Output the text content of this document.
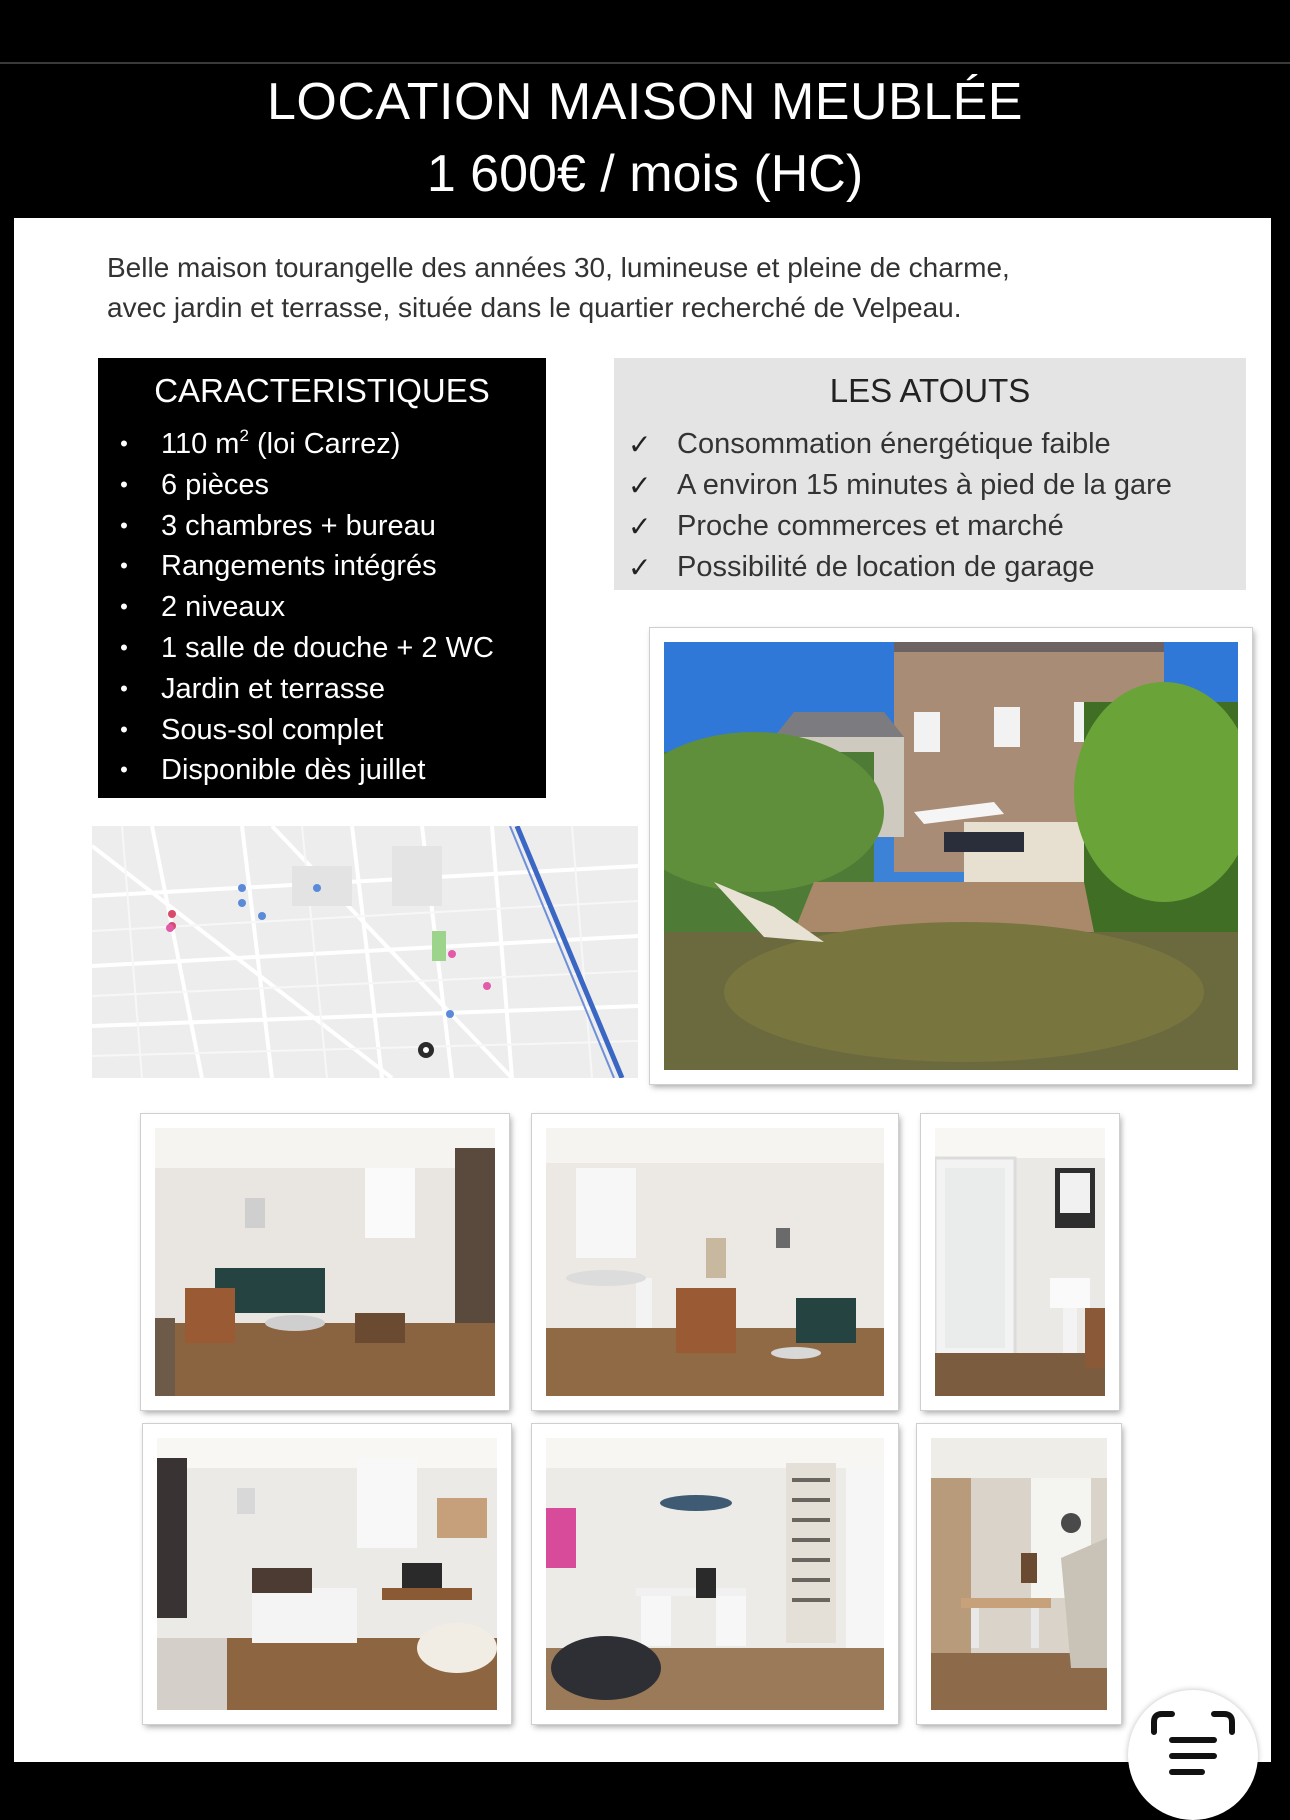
LOCATION MAISON MEUBLÉE
1 600€ / mois (HC)
Belle maison tourangelle des années 30, lumineuse et pleine de charme,
avec jardin et terrasse, située dans le quartier recherché de Velpeau.
CARACTERISTIQUES
• 110 $m^2$ (loi Carrez)
• 6 pièces
• 3 chambres + bureau
• Rangements intégrés
• 2 niveaux
• 1 salle de douche + 2 WC
• Jardin et terrasse
• Sous-sol complet
• Disponible dès juillet
LES ATOUTS
✓ Consommation énergétique faible
✓ A environ 15 minutes à pied de la gare
✓ Proche commerces et marché
✓ Possibilité de location de garage
